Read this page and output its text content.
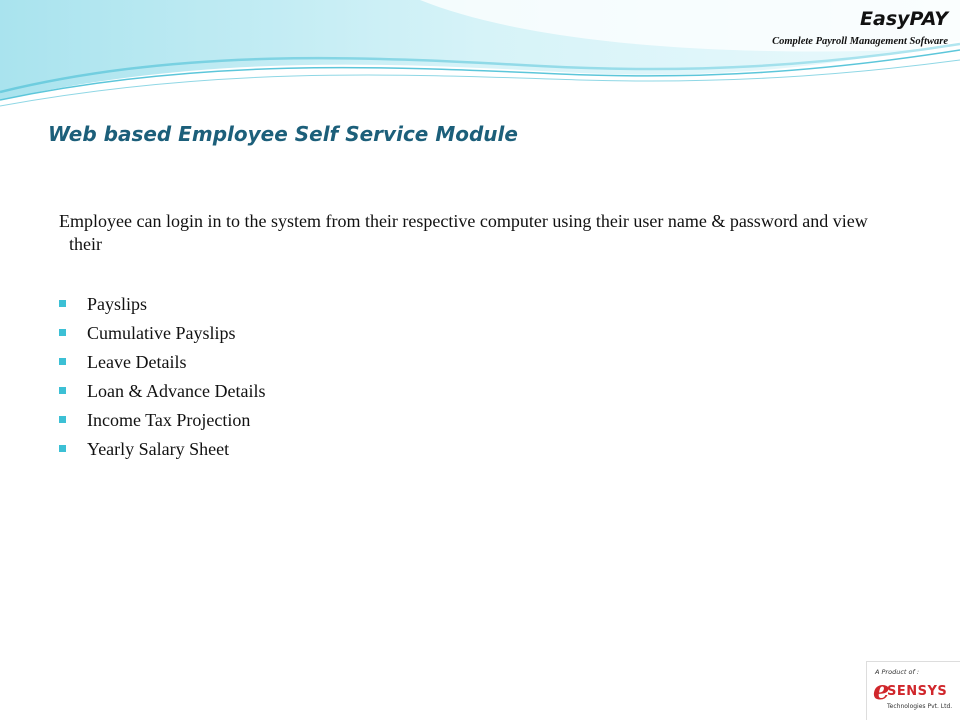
EasyPAY
Complete Payroll Management Software
Web based Employee Self Service Module

Employee can login in to the system from their respective computer using their user name & password and view their

Payslips
Cumulative Payslips
Leave Details
Loan & Advance Details
Income Tax Projection
Yearly Salary Sheet
A Product of :
e
SENSYS
Technologies Pvt. Ltd.
